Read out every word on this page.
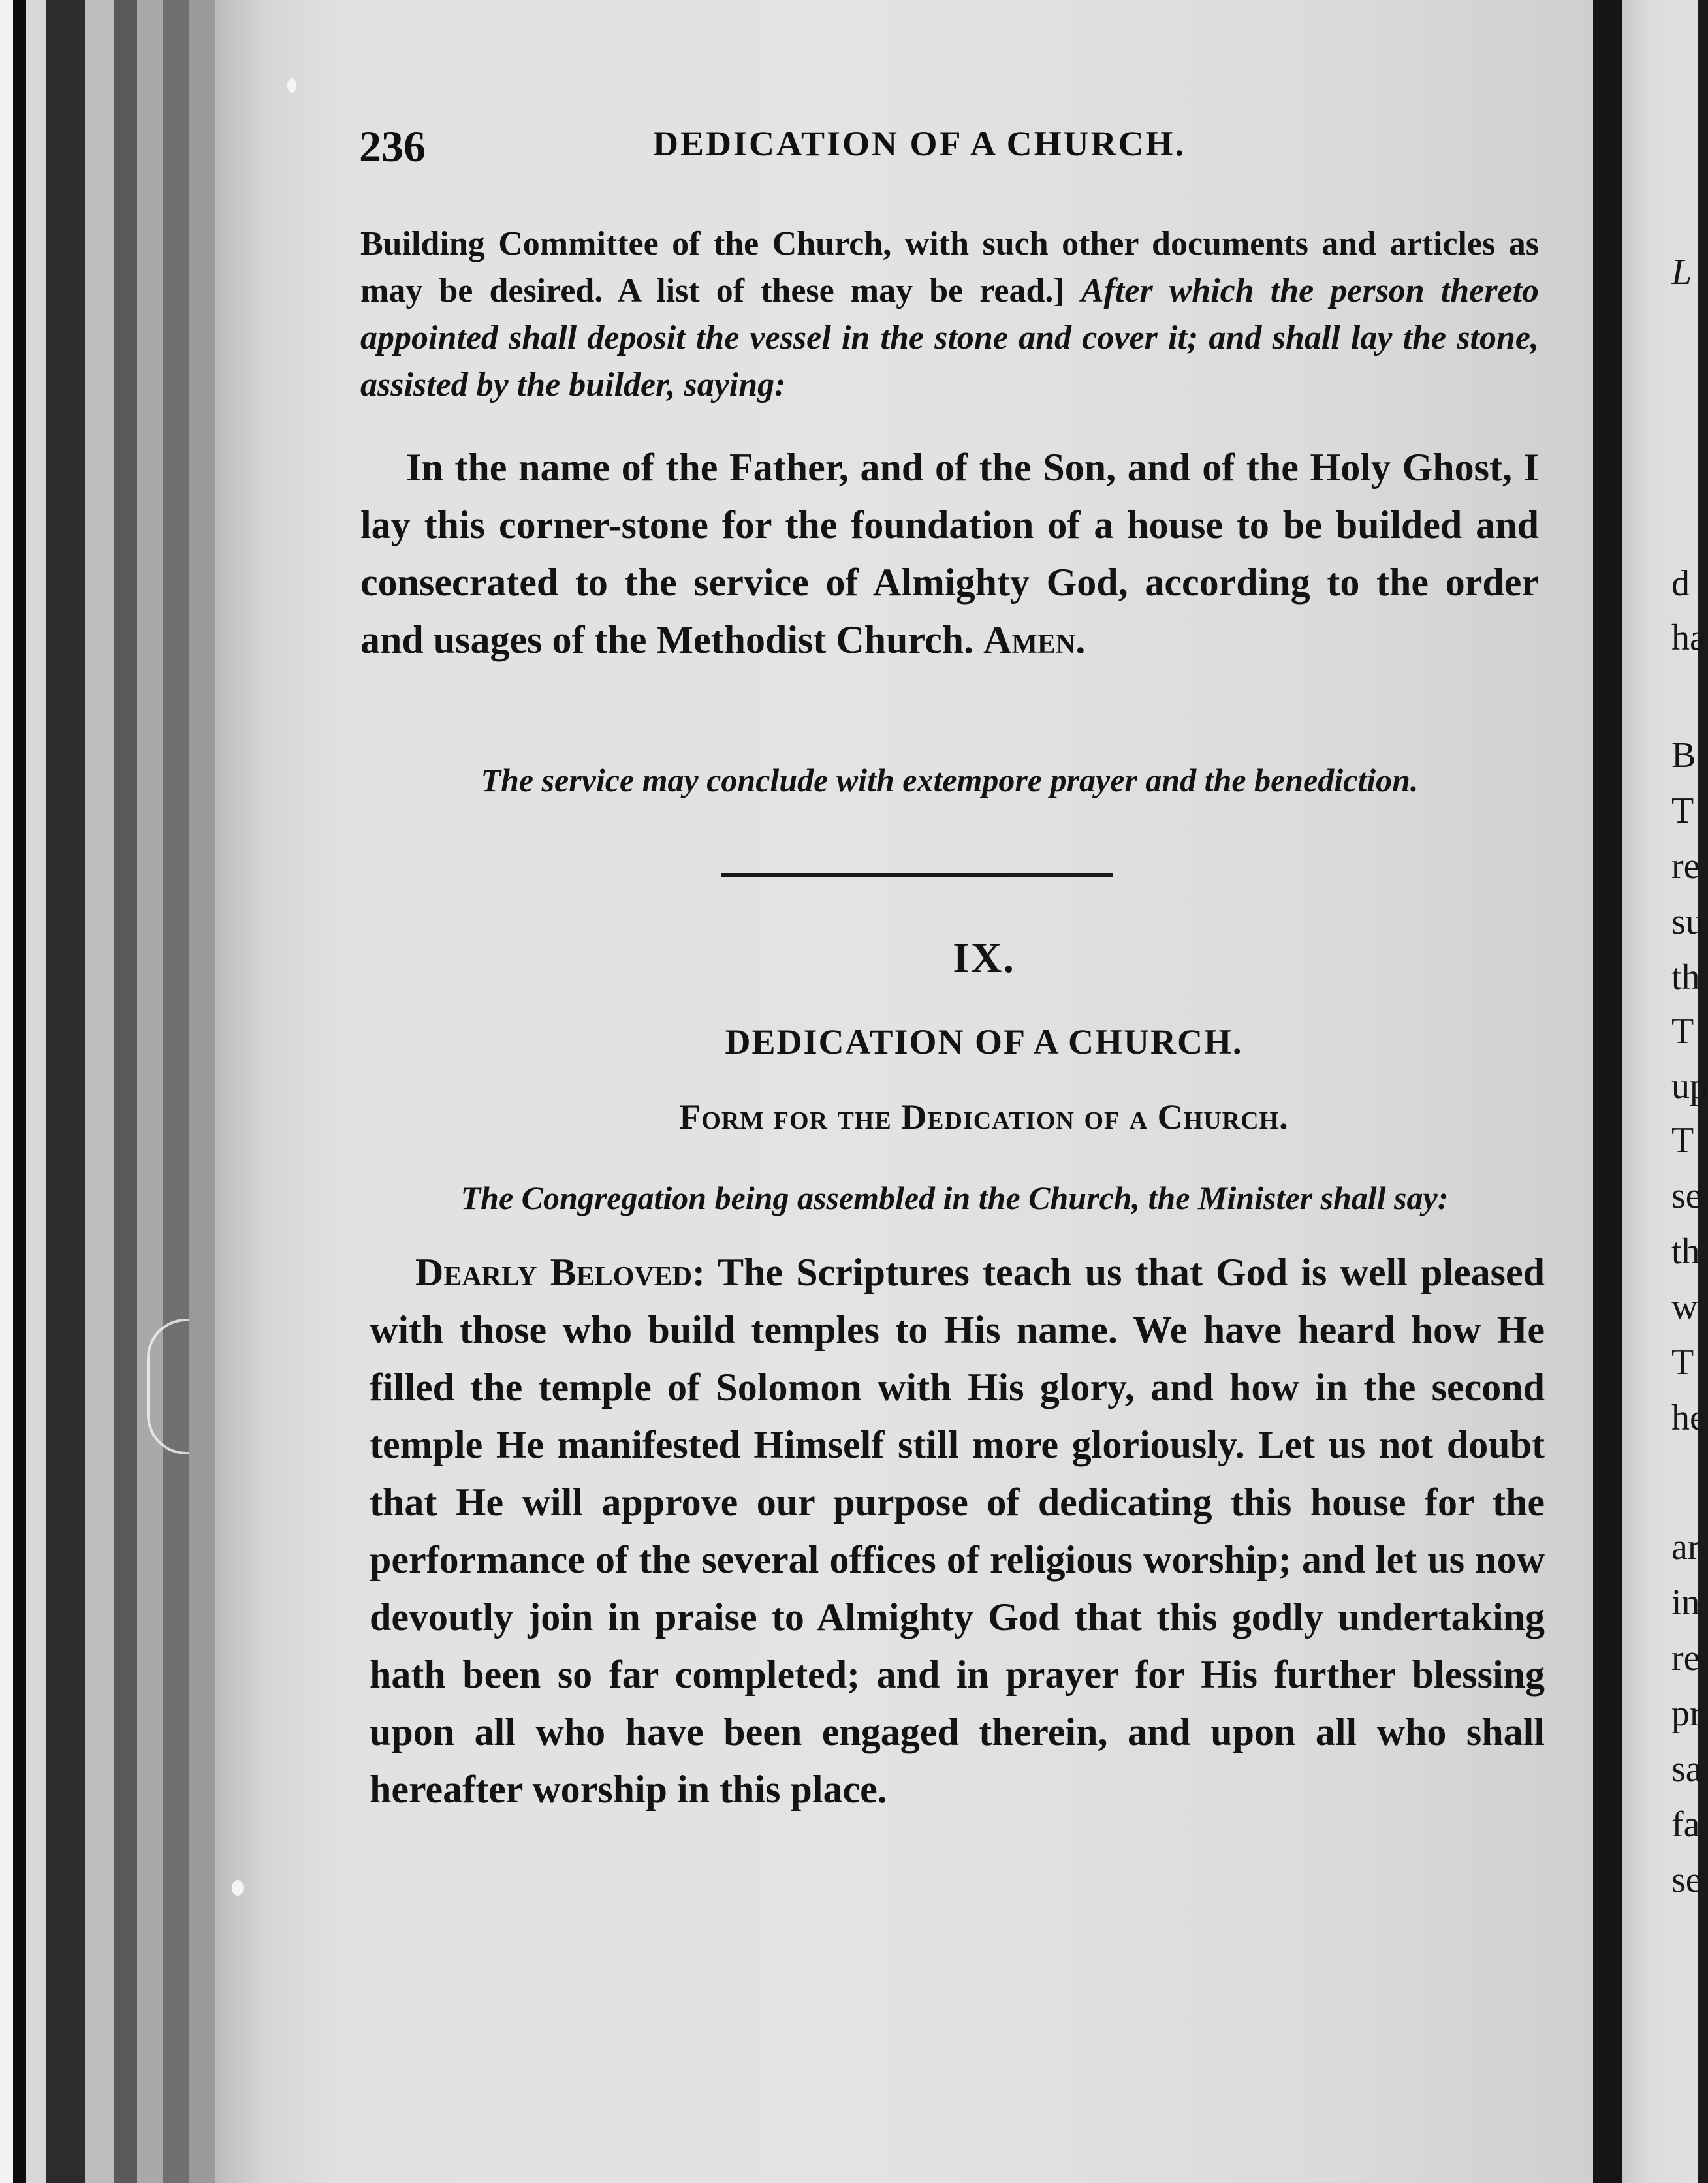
236	DEDICATION OF A CHURCH.
Building Committee of the Church, with such other documents and articles as may be desired. A list of these may be read.] After which the person thereto appointed shall deposit the vessel in the stone and cover it; and shall lay the stone, assisted by the builder, saying:
In the name of the Father, and of the Son, and of the Holy Ghost, I lay this corner-stone for the foundation of a house to be builded and consecrated to the service of Almighty God, according to the order and usages of the Methodist Church. Amen.
The service may conclude with extempore prayer and the benediction.
IX.
DEDICATION OF A CHURCH.
Form for the Dedication of a Church.
The Congregation being assembled in the Church, the Minister shall say:
Dearly Beloved: The Scriptures teach us that God is well pleased with those who build temples to His name. We have heard how He filled the temple of Solomon with His glory, and how in the second temple He manifested Himself still more gloriously. Let us not doubt that He will approve our purpose of dedicating this house for the performance of the several offices of religious worship; and let us now devoutly join in praise to Almighty God that this godly undertaking hath been so far completed; and in prayer for His further blessing upon all who have been engaged therein, and upon all who shall hereafter worship in this place.
L
d
ha
B
T
re
su
th
T
up
T
se
th
w
T
he
ar
in
re
pr
sa
fa
se
